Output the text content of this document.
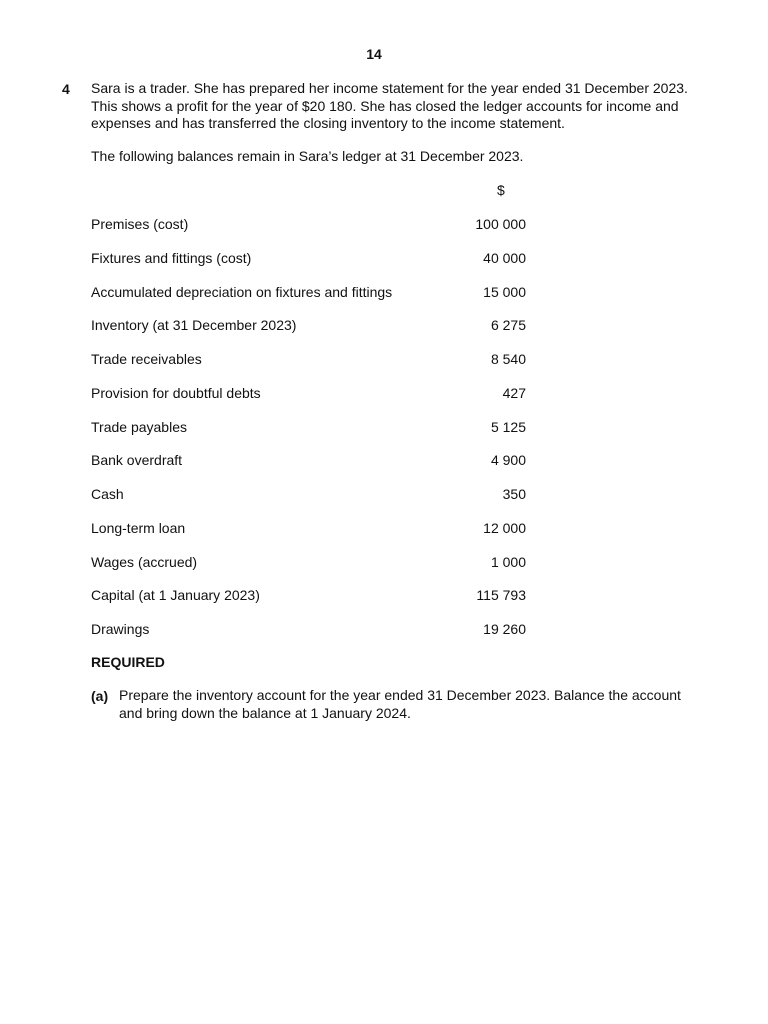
14
4 Sara is a trader. She has prepared her income statement for the year ended 31 December 2023. This shows a profit for the year of $20 180. She has closed the ledger accounts for income and expenses and has transferred the closing inventory to the income statement.

The following balances remain in Sara’s ledger at 31 December 2023.

$
Premises (cost)	100 000
Fixtures and fittings (cost)	40 000
Accumulated depreciation on fixtures and fittings	15 000
Inventory (at 31 December 2023)	6 275
Trade receivables	8 540
Provision for doubtful debts	427
Trade payables	5 125
Bank overdraft	4 900
Cash	350
Long-term loan	12 000
Wages (accrued)	1 000
Capital (at 1 January 2023)	115 793
Drawings	19 260
REQUIRED
(a) Prepare the inventory account for the year ended 31 December 2023. Balance the account and bring down the balance at 1 January 2024.
